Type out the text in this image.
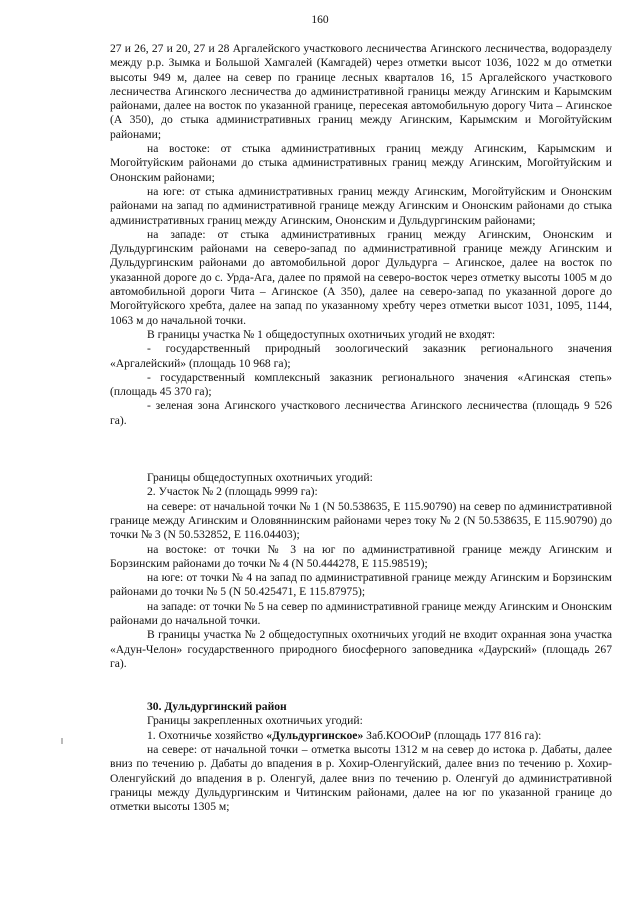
160

27 и 26, 27 и 20, 27 и 28 Аргалейского участкового лесничества Агинского лесничества, водоразделу между р.р. Зымка и Большой Хамгалей (Камгадей) через отметки высот 1036, 1022 м до отметки высоты 949 м, далее на север по границе лесных кварталов 16, 15 Аргалейского участкового лесничества Агинского лесничества до административной границы между Агинским и Карымским районами, далее на восток по указанной границе, пересекая автомобильную дорогу Чита – Агинское (А 350), до стыка административных границ между Агинским, Карымским и Могойтуйским районами;

на востоке: от стыка административных границ между Агинским, Карымским и Могойтуйским районами до стыка административных границ между Агинским, Могойтуйским и Ононским районами;

на юге: от стыка административных границ между Агинским, Могойтуйским и Ононским районами на запад по административной границе между Агинским и Ононским районами до стыка административных границ между Агинским, Ононским и Дульдургинским районами;

на западе: от стыка административных границ между Агинским, Ононским и Дульдургинским районами на северо-запад по административной границе между Агинским и Дульдургинским районами до автомобильной дорог Дульдурга – Агинское, далее на восток по указанной дороге до с. Урда-Ага, далее по прямой на северо-восток через отметку высоты 1005 м до автомобильной дороги Чита – Агинское (А 350), далее на северо-запад по указанной дороге до Могойтуйского хребта, далее на запад по указанному хребту через отметки высот 1031, 1095, 1144, 1063 м до начальной точки.

В границы участка № 1 общедоступных охотничьих угодий не входят:

- государственный природный зоологический заказник регионального значения «Аргалейский» (площадь 10 968 га);

- государственный комплексный заказник регионального значения «Агинская степь» (площадь 45 370 га);

- зеленая зона Агинского участкового лесничества Агинского лесничества (площадь 9 526 га).

Границы общедоступных охотничьих угодий:

2. Участок № 2 (площадь 9999 га):

на севере: от начальной точки № 1 (N 50.538635, E 115.90790) на север по административной границе между Агинским и Оловяннинским районами через току № 2 (N 50.538635, E 115.90790) до точки № 3 (N 50.532852, E 116.04403);

на востоке: от точки № 3 на юг по административной границе между Агинским и Борзинским районами до точки № 4 (N 50.444278, E 115.98519);

на юге: от точки № 4 на запад по административной границе между Агинским и Борзинским районами до точки № 5 (N 50.425471, E 115.87975);

на западе: от точки № 5 на север по административной границе между Агинским и Ононским районами до начальной точки.

В границы участка № 2 общедоступных охотничьих угодий не входит охранная зона участка «Адун-Челон» государственного природного биосферного заповедника «Даурский» (площадь 267 га).

30. Дульдургинский район

Границы закрепленных охотничьих угодий:

1. Охотничье хозяйство «Дульдургинское» Заб.КОООиР (площадь 177 816 га):

на севере: от начальной точки – отметка высоты 1312 м на север до истока р. Дабаты, далее вниз по течению р. Дабаты до впадения в р. Хохир-Оленгуйский, далее вниз по течению р. Хохир-Оленгуйский до впадения в р. Оленгуй, далее вниз по течению р. Оленгуй до административной границы между Дульдургинским и Читинским районами, далее на юг по указанной границе до отметки высоты 1305 м;
